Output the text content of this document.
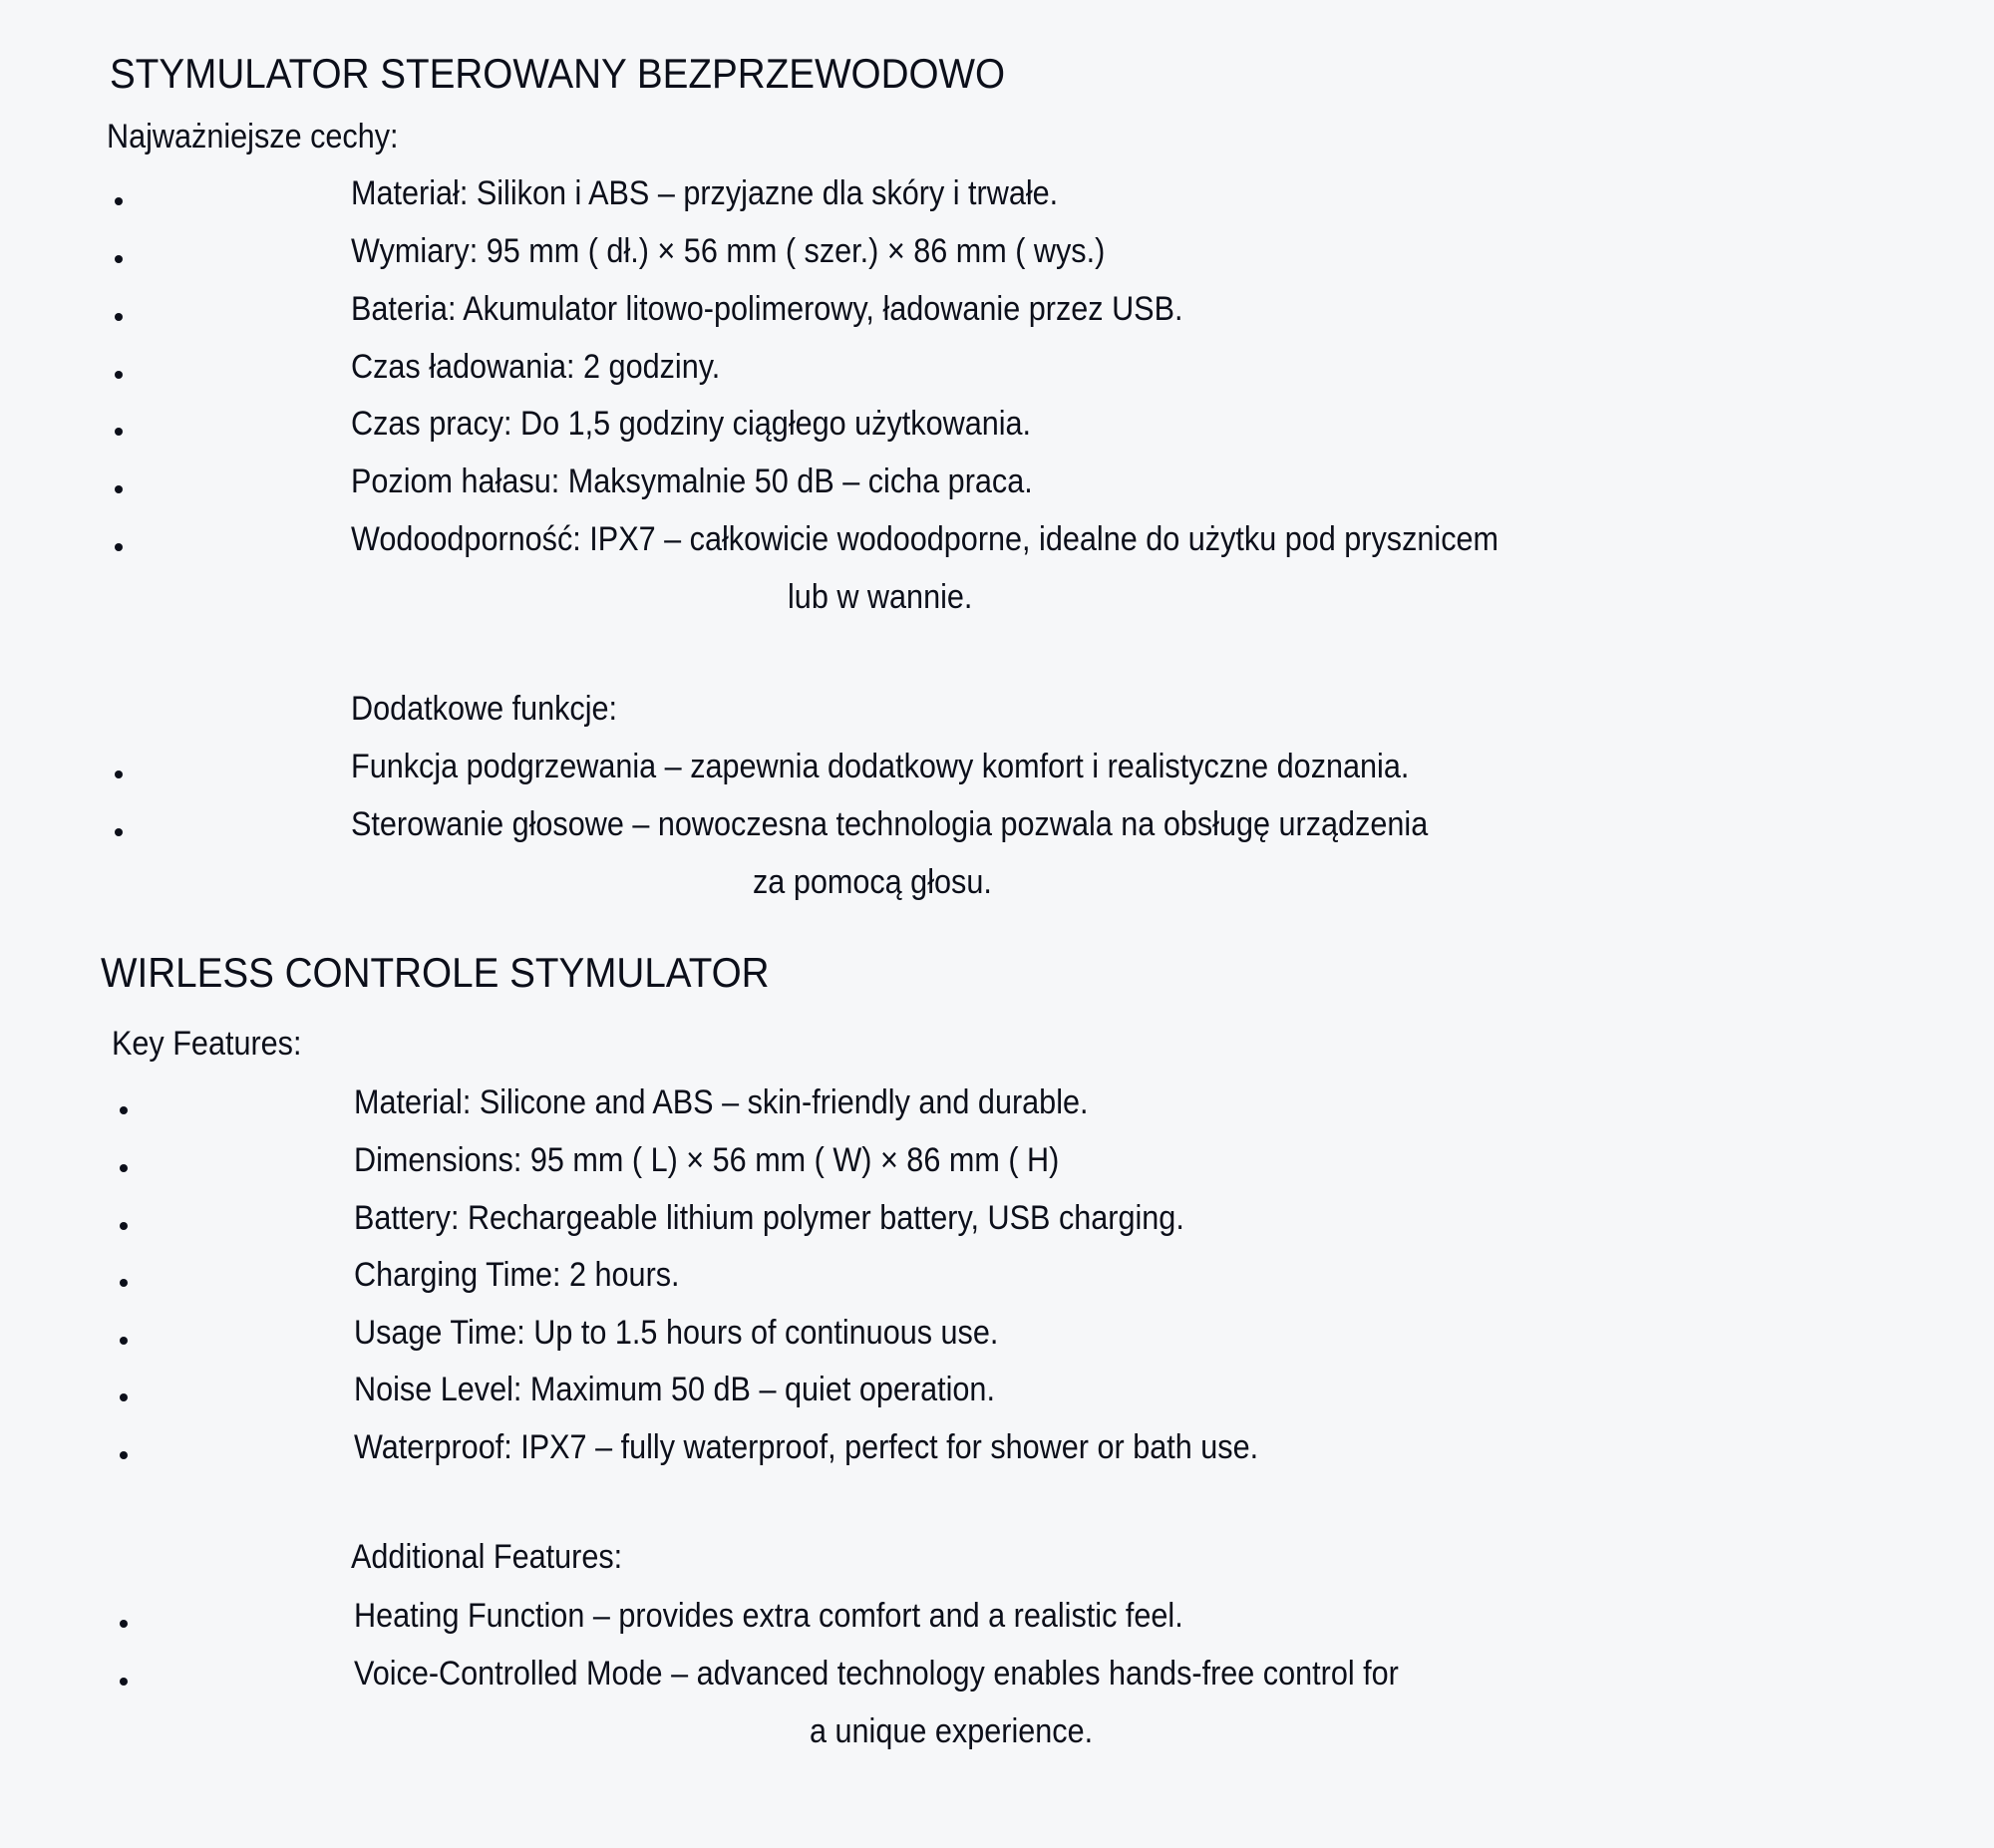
STYMULATOR STEROWANY BEZPRZEWODOWO
Najważniejsze cechy:
Materiał: Silikon i ABS – przyjazne dla skóry i trwałe.
Wymiary: 95 mm ( dł.) × 56 mm ( szer.) × 86 mm ( wys.)
Bateria: Akumulator litowo-polimerowy, ładowanie przez USB.
Czas ładowania: 2 godziny.
Czas pracy: Do 1,5 godziny ciągłego użytkowania.
Poziom hałasu: Maksymalnie 50 dB – cicha praca.
Wodoodporność: IPX7 – całkowicie wodoodporne, idealne do użytku pod prysznicem
lub w wannie.
Dodatkowe funkcje:
Funkcja podgrzewania – zapewnia dodatkowy komfort i realistyczne doznania.
Sterowanie głosowe – nowoczesna technologia pozwala na obsługę urządzenia
za pomocą głosu.
WIRLESS CONTROLE STYMULATOR
Key Features:
Material: Silicone and ABS – skin-friendly and durable.
Dimensions: 95 mm ( L) × 56 mm ( W) × 86 mm ( H)
Battery: Rechargeable lithium polymer battery, USB charging.
Charging Time: 2 hours.
Usage Time: Up to 1.5 hours of continuous use.
Noise Level: Maximum 50 dB – quiet operation.
Waterproof: IPX7 – fully waterproof, perfect for shower or bath use.
Additional Features:
Heating Function – provides extra comfort and a realistic feel.
Voice-Controlled Mode – advanced technology enables hands-free control for
a unique experience.
